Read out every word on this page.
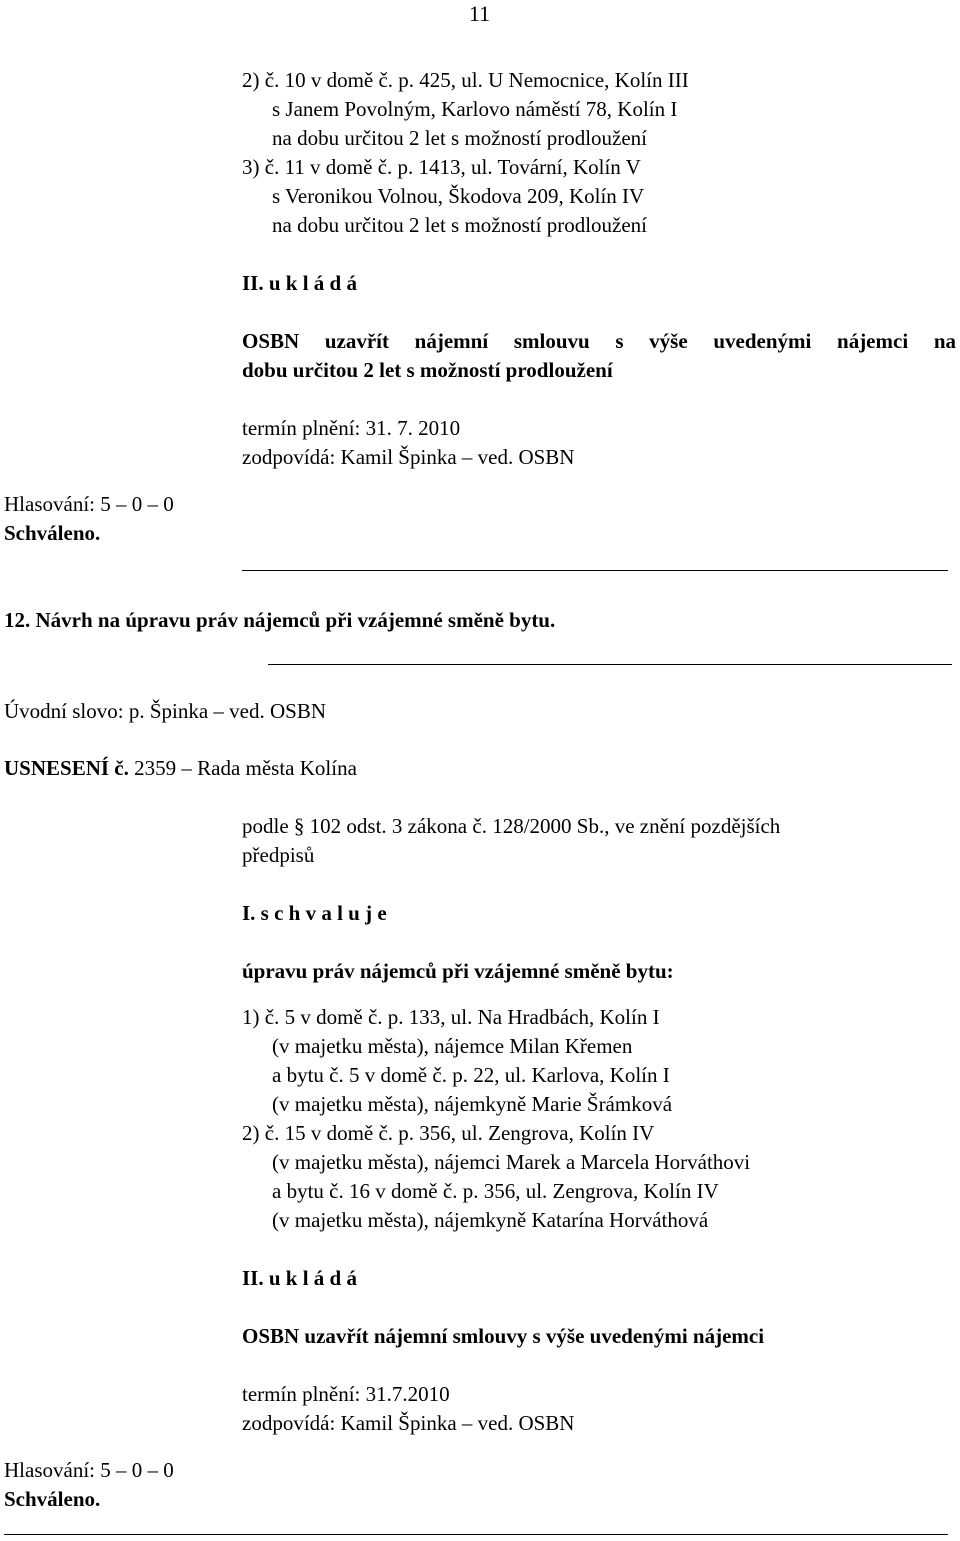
11
2) č. 10 v domě č. p. 425, ul. U Nemocnice, Kolín III
s Janem Povolným, Karlovo náměstí 78, Kolín I
na dobu určitou 2 let s možností prodloužení
3) č. 11 v domě č. p. 1413, ul. Tovární, Kolín V
s Veronikou Volnou, Škodova 209, Kolín IV
na dobu určitou 2 let s možností prodloužení
II. u k l á d á
OSBN uzavřít nájemní smlouvu s výše uvedenými nájemci na
dobu určitou 2 let s možností prodloužení
termín plnění: 31. 7. 2010
zodpovídá: Kamil Špinka – ved. OSBN
Hlasování: 5 – 0 – 0
Schváleno.
12. Návrh na úpravu práv nájemců při vzájemné směně bytu.
Úvodní slovo: p. Špinka – ved. OSBN
USNESENÍ č. 2359 – Rada města Kolína
podle § 102 odst. 3 zákona č. 128/2000 Sb., ve znění pozdějších
předpisů
I. s c h v a l u j e
úpravu práv nájemců při vzájemné směně bytu:
1) č. 5 v domě č. p. 133, ul. Na Hradbách, Kolín I
(v majetku města), nájemce Milan Křemen
a bytu č. 5 v domě č. p. 22, ul. Karlova, Kolín I
(v majetku města), nájemkyně Marie Šrámková
2) č. 15 v domě č. p. 356, ul. Zengrova, Kolín IV
(v majetku města), nájemci Marek a Marcela Horváthovi
a bytu č. 16 v domě č. p. 356, ul. Zengrova, Kolín IV
(v majetku města), nájemkyně Katarína Horváthová
II. u k l á d á
OSBN uzavřít nájemní smlouvy s výše uvedenými nájemci
termín plnění: 31.7.2010
zodpovídá: Kamil Špinka – ved. OSBN
Hlasování: 5 – 0 – 0
Schváleno.
